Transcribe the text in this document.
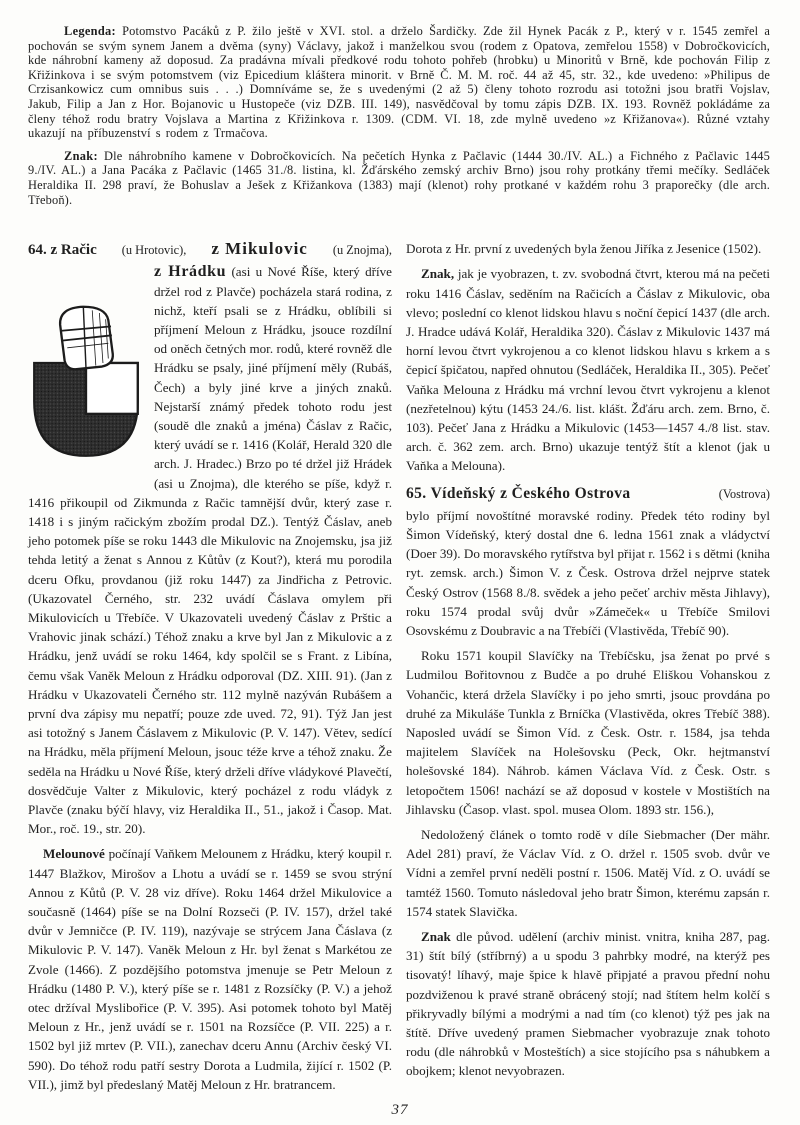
Legenda: Potomstvo Pacáků z P. žilo ještě v XVI. stol. a drželo Šardičky. Zde žil Hynek Pacák z P., který v r. 1545 zemřel a pochován se svým synem Janem a dvěma (syny) Václavy, jakož i manželkou svou (rodem z Opatova, zemřelou 1558) v Dobročkovicích, kde náhrobní kameny až doposud. Za pradávna mívali předkové rodu tohoto pohřeb (hrobku) u Minoritů v Brně, kde pochován Filip z Křižinkova i se svým potomstvem (viz Epicedium kláštera minorit. v Brně Č. M. M. roč. 44 až 45, str. 32., kde uvedeno: »Philipus de Crzisankowicz cum omnibus suis . . .) Domníváme se, že s uvedenými (2 až 5) členy tohoto rozrodu asi totožni jsou bratři Vojslav, Jakub, Filip a Jan z Hor. Bojanovic u Hustopeče (viz DZB. III. 149), nasvědčoval by tomu zápis DZB. IX. 193. Rovněž pokládáme za členy téhož rodu bratry Vojslava a Martina z Křižinkova r. 1309. (CDM. VI. 18, zde mylně uvedeno »z Křižanova«). Různé vztahy ukazují na příbuzenství s rodem z Trmačova.

Znak: Dle náhrobního kamene v Dobročkovicích. Na pečetích Hynka z Pačlavic (1444 30./IV. AL.) a Fichného z Pačlavic 1445 9./IV. AL.) a Jana Pacáka z Pačlavic (1465 31./8. listina, kl. Žďárského zemský archiv Brno) jsou rohy protkány třemi mečíky. Sedláček Heraldika II. 298 praví, že Bohuslav a Ješek z Křižankova (1383) mají (klenot) rohy protkané v každém rohu 3 praporečky (dle arch. Třeboň).

64. z Račic (u Hrotovic), z Mikulovic (u Znojma),

z Hrádku (asi u Nové Říše, který dříve držel rod z Plavče) pocházela stará rodina, z nichž, kteří psali se z Hrádku, oblíbili si příjmení Meloun z Hrádku, jsouce rozdílní od oněch četných mor. rodů, které rovněž dle Hrádku se psaly, jiné příjmení měly (Rubáš, Čech) a byly jiné krve a jiných znaků. Nejstarší známý předek tohoto rodu jest (soudě dle znaků a jména) Čáslav z Račic, který uvádí se r. 1416 (Kolář, Herald 320 dle arch. J. Hradec.) Brzo po té držel již Hrádek (asi u Znojma), dle kterého se píše, když r. 1416 přikoupil od Zikmunda z Račic tamnější dvůr, který zase r. 1418 i s jiným račickým zbožím prodal DZ.). Tentýž Čáslav, aneb jeho potomek píše se roku 1443 dle Mikulovic na Znojemsku, jsa již tehda letitý a ženat s Annou z Kůtův (z Kout?), která mu porodila dceru Ofku, provdanou (již roku 1447) za Jindřicha z Petrovic. (Ukazovatel Černého, str. 232 uvádí Čáslava omylem při Mikulovicích u Třebíče. V Ukazovateli uvedený Čáslav z Prštic a Vrahovic jinak schází.) Téhož znaku a krve byl Jan z Mikulovic a z Hrádku, jenž uvádí se roku 1464, kdy spolčil se s Frant. z Libína, čemu však Vaněk Meloun z Hrádku odporoval (DZ. XIII. 91). (Jan z Hrádku v Ukazovateli Černého str. 112 mylně nazýván Rubášem a první dva zápisy mu nepatří; pouze zde uved. 72, 91). Týž Jan jest asi totožný s Janem Čáslavem z Mikulovic (P. V. 147). Větev, sedící na Hrádku, měla příjmení Meloun, jsouc téže krve a téhož znaku. Že seděla na Hrádku u Nové Říše, který drželi dříve vládykové Plavečtí, dosvědčuje Valter z Mikulovic, který pocházel z rodu vládyk z Plavče (znaku býčí hlavy, viz Heraldika II., 51., jakož i Časop. Mat. Mor., roč. 19., str. 20).

Melounové počínají Vaňkem Melounem z Hrádku, který koupil r. 1447 Blažkov, Mirošov a Lhotu a uvádí se r. 1459 se svou strýní Annou z Kůtů (P. V. 28 viz dříve). Roku 1464 držel Mikulovice a současně (1464) píše se na Dolní Rozseči (P. IV. 157), držel také dvůr v Jemničce (P. IV. 119), nazývaje se strýcem Jana Čáslava (z Mikulovic P. V. 147). Vaněk Meloun z Hr. byl ženat s Markétou ze Zvole (1466). Z pozdějšího potomstva jmenuje se Petr Meloun z Hrádku (1480 P. V.), který píše se r. 1481 z Rozsíčky (P. V.) a jehož otec držíval Myslibořice (P. V. 395). Asi potomek tohoto byl Matěj Meloun z Hr., jenž uvádí se r. 1501 na Rozsíčce (P. VII. 225) a r. 1502 byl již mrtev (P. VII.), zanechav dceru Annu (Archiv český VI. 590). Do téhož rodu patří sestry Dorota a Ludmila, žijící r. 1502 (P. VII.), jimž byl předeslaný Matěj Meloun z Hr. bratrancem.

Dorota z Hr. první z uvedených byla ženou Jiříka z Jesenice (1502).

Znak, jak je vyobrazen, t. zv. svobodná čtvrt, kterou má na pečeti roku 1416 Čáslav, seděním na Račicích a Čáslav z Mikulovic, oba vlevo; poslední co klenot lidskou hlavu s noční čepicí 1437 (dle arch. J. Hradce udává Kolář, Heraldika 320). Čáslav z Mikulovic 1437 má horní levou čtvrt vykrojenou a co klenot lidskou hlavu s krkem a s čepicí špičatou, napřed ohnutou (Sedláček, Heraldika II., 305). Pečeť Vaňka Melouna z Hrádku má vrchní levou čtvrt vykrojenu a klenot (nezřetelnou) kýtu (1453 24./6. list. klášt. Žďáru arch. zem. Brno, č. 103). Pečeť Jana z Hrádku a Mikulovic (1453—1457 4./8 list. stav. arch. č. 362 zem. arch. Brno) ukazuje tentýž štít a klenot (jak u Vaňka a Melouna).

65. Vídeňský z Českého Ostrova	(Vostrova)

bylo příjmí novoštítné moravské rodiny. Předek této rodiny byl Šimon Vídeňský, který dostal dne 6. ledna 1561 znak a vládyctví (Doer 39). Do moravského rytířstva byl přijat r. 1562 i s dětmi (kniha ryt. zemsk. arch.) Šimon V. z Česk. Ostrova držel nejprve statek Český Ostrov (1568 8./8. svědek a jeho pečeť archiv města Jihlavy), roku 1574 prodal svůj dvůr »Zámeček« u Třebíče Smilovi Osovskému z Doubravic a na Třebíči (Vlastivěda, Třebíč 90).

Roku 1571 koupil Slavíčky na Třebíčsku, jsa ženat po prvé s Ludmilou Bořitovnou z Budče a po druhé Eliškou Vohanskou z Vohančic, která držela Slavíčky i po jeho smrti, jsouc provdána po druhé za Mikuláše Tunkla z Brníčka (Vlastivěda, okres Třebíč 388). Naposled uvádí se Šimon Víd. z Česk. Ostr. r. 1584, jsa tehda majitelem Slavíček na Holešovsku (Peck, Okr. hejtmanství holešovské 184). Náhrob. kámen Václava Víd. z Česk. Ostr. s letopočtem 1506! nachází se až doposud v kostele v Mostištích na Jihlavsku (Časop. vlast. spol. musea Olom. 1893 str. 156.),

Nedoložený článek o tomto rodě v díle Siebmacher (Der mähr. Adel 281) praví, že Václav Víd. z O. držel r. 1505 svob. dvůr ve Vídni a zemřel první neděli postní r. 1506. Matěj Víd. z O. uvádí se tamtéž 1560. Tomuto následoval jeho bratr Šimon, kterému zapsán r. 1574 statek Slavička.

Znak dle původ. udělení (archiv minist. vnitra, kniha 287, pag. 31) štít bílý (stříbrný) a u spodu 3 pahrbky modré, na kterýž pes tisovatý! líhavý, maje špice k hlavě připjaté a pravou přední nohu pozdviženou k pravé straně obrácený stojí; nad štítem helm kolčí s přikryvadly bílými a modrými a nad tím (co klenot) týž pes jak na štítě. Dříve uvedený pramen Siebmacher vyobrazuje znak tohoto rodu (dle náhrobků v Mosteštích) a sice stojícího psa s náhubkem a obojkem; klenot nevyobrazen.

37
